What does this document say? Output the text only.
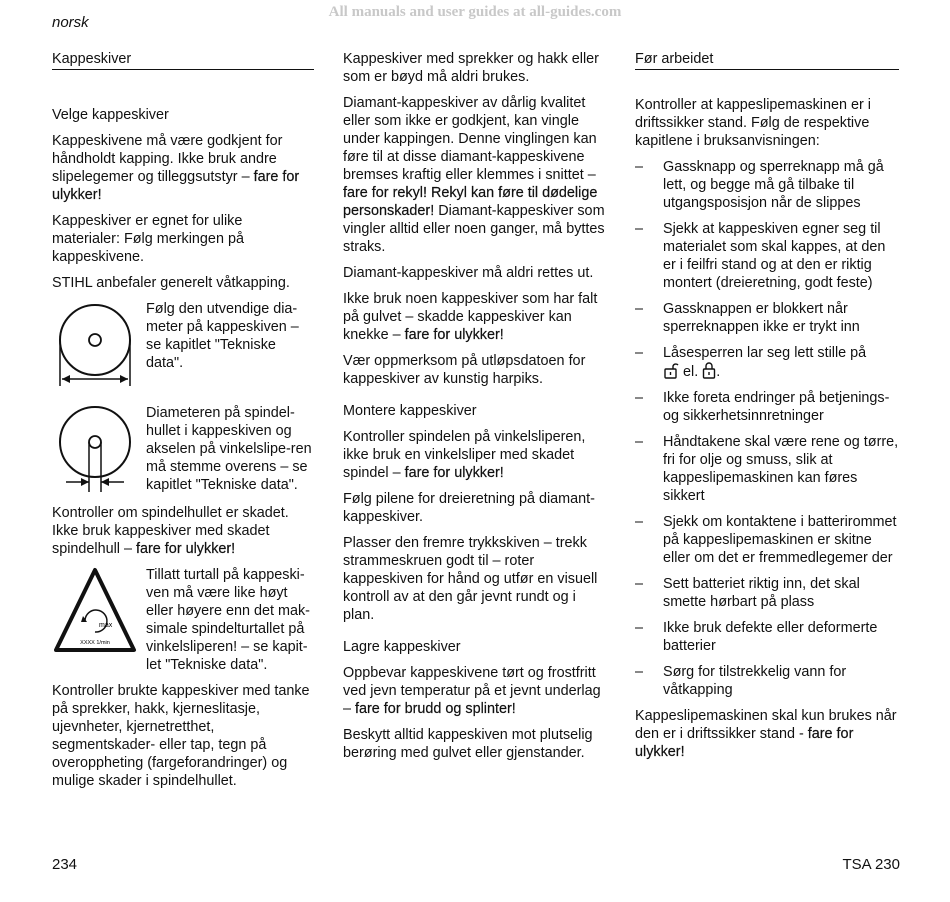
All manuals and user guides at all-guides.com
norsk
Kappeskiver

Velge kappeskiver

Kappeskivene må være godkjent for håndholdt kapping. Ikke bruk andre slipelegemer og tilleggsutstyr – fare for ulykker!

Kappeskiver er egnet for ulike materialer: Følg merkingen på kappeskivene.

STIHL anbefaler generelt våtkapping.

Følg den utvendige dia-meter på kappeskiven – se kapitlet "Tekniske data".

Diameteren på spindel-hullet i kappeskiven og akselen på vinkelslipe-ren må stemme overens – se kapitlet "Tekniske data".

Kontroller om spindelhullet er skadet. Ikke bruk kappeskiver med skadet spindelhull – fare for ulykker!

max
XXXX 1/min

Tillatt turtall på kappeski-ven må være like høyt eller høyere enn det mak-simale spindelturtallet på vinkelsliperen! – se kapit-let "Tekniske data".

Kontroller brukte kappeskiver med tanke på sprekker, hakk, kjerneslitasje, ujevnheter, kjernetretthet, segmentskader- eller tap, tegn på overoppheting (fargeforandringer) og mulige skader i spindelhullet.

Kappeskiver med sprekker og hakk eller som er bøyd må aldri brukes.

Diamant-kappeskiver av dårlig kvalitet eller som ikke er godkjent, kan vingle under kappingen. Denne vinglingen kan føre til at disse diamant-kappeskivene bremses kraftig eller klemmes i snittet – fare for rekyl! Rekyl kan føre til dødelige personskader! Diamant-kappeskiver som vingler alltid eller noen ganger, må byttes straks.

Diamant-kappeskiver må aldri rettes ut.

Ikke bruk noen kappeskiver som har falt på gulvet – skadde kappeskiver kan knekke – fare for ulykker!

Vær oppmerksom på utløpsdatoen for kappeskiver av kunstig harpiks.

Montere kappeskiver

Kontroller spindelen på vinkelsliperen, ikke bruk en vinkelsliper med skadet spindel – fare for ulykker!

Følg pilene for dreieretning på diamant-kappeskiver.

Plasser den fremre trykkskiven – trekk strammeskruen godt til – roter kappeskiven for hånd og utfør en visuell kontroll av at den går jevnt rundt og i plan.

Lagre kappeskiver

Oppbevar kappeskivene tørt og frostfritt ved jevn temperatur på et jevnt underlag – fare for brudd og splinter!

Beskytt alltid kappeskiven mot plutselig berøring med gulvet eller gjenstander.

Før arbeidet

Kontroller at kappeslipemaskinen er i driftssikker stand. Følg de respektive kapitlene i bruksanvisningen:

– Gassknapp og sperreknapp må gå lett, og begge må gå tilbake til utgangsposisjon når de slippes
– Sjekk at kappeskiven egner seg til materialet som skal kappes, at den er i feilfri stand og at den er riktig montert (dreieretning, godt feste)
– Gassknappen er blokkert når sperreknappen ikke er trykt inn
– Låsesperren lar seg lett stille på
el. .
– Ikke foreta endringer på betjenings- og sikkerhetsinnretninger
– Håndtakene skal være rene og tørre, fri for olje og smuss, slik at kappeslipemaskinen kan føres sikkert
– Sjekk om kontaktene i batterirommet på kappeslipemaskinen er skitne eller om det er fremmedlegemer der
– Sett batteriet riktig inn, det skal smette hørbart på plass
– Ikke bruk defekte eller deformerte batterier
– Sørg for tilstrekkelig vann for våtkapping

Kappeslipemaskinen skal kun brukes når den er i driftssikker stand - fare for ulykker!

234	TSA 230
